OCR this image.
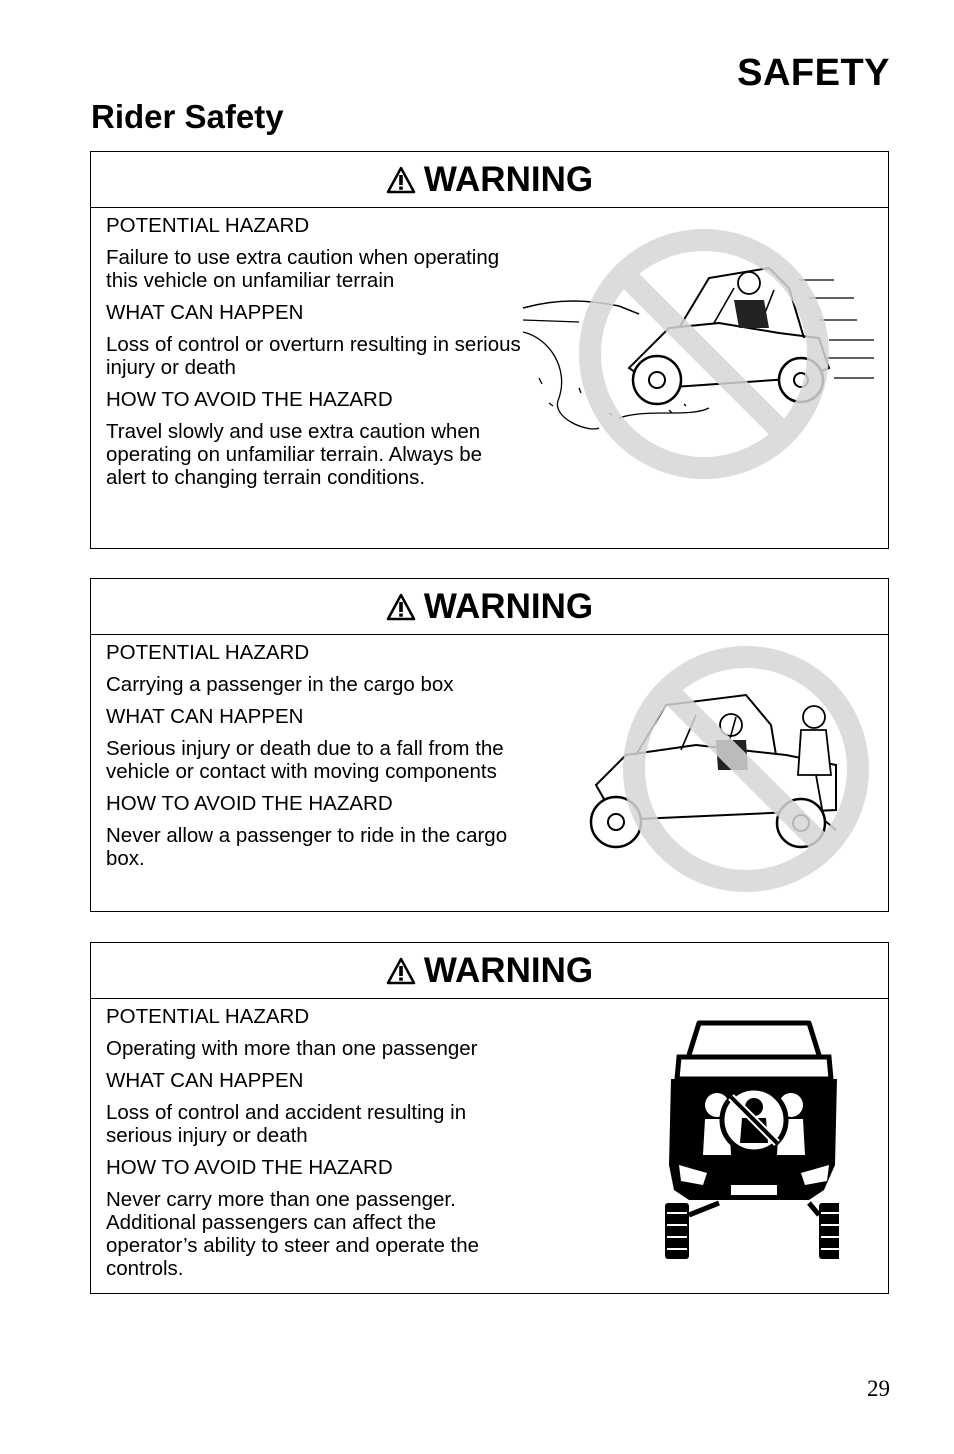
SAFETY
Rider Safety
WARNING

POTENTIAL HAZARD

Failure to use extra caution when operating this vehicle on unfamiliar terrain

WHAT CAN HAPPEN

Loss of control or overturn resulting in serious injury or death

HOW TO AVOID THE HAZARD

Travel slowly and use extra caution when operating on unfamiliar terrain. Always be alert to changing terrain conditions.

WARNING

POTENTIAL HAZARD

Carrying a passenger in the cargo box

WHAT CAN HAPPEN

Serious injury or death due to a fall from the vehicle or contact with moving components

HOW TO AVOID THE HAZARD

Never allow a passenger to ride in the cargo box.

WARNING

POTENTIAL HAZARD

Operating with more than one passenger

WHAT CAN HAPPEN

Loss of control and accident resulting in serious injury or death

HOW TO AVOID THE HAZARD

Never carry more than one passenger. Additional passengers can affect the operator’s ability to steer and operate the controls.

29
